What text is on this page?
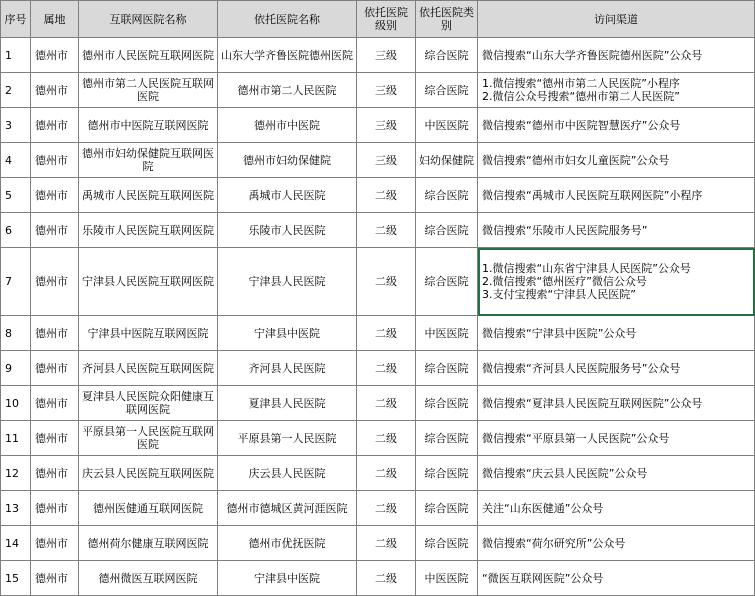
序号	属地	互联网医院名称	依托医院名称	依托医院级别	依托医院类别	访问渠道
1	德州市	德州市人民医院互联网医院	山东大学齐鲁医院德州医院	三级	综合医院	微信搜索“山东大学齐鲁医院德州医院”公众号
2	德州市	德州市第二人民医院互联网医院	德州市第二人民医院	三级	综合医院	1.微信搜索“德州市第二人民医院”小程序
2.微信公众号搜索“德州市第二人民医院”
3	德州市	德州市中医院互联网医院	德州市中医院	三级	中医医院	微信搜索“德州市中医院智慧医疗”公众号
4	德州市	德州市妇幼保健院互联网医院	德州市妇幼保健院	三级	妇幼保健院	微信搜索“德州市妇女儿童医院”公众号
5	德州市	禹城市人民医院互联网医院	禹城市人民医院	二级	综合医院	微信搜索“禹城市人民医院互联网医院”小程序
6	德州市	乐陵市人民医院互联网医院	乐陵市人民医院	二级	综合医院	微信搜索“乐陵市人民医院服务号”
7	德州市	宁津县人民医院互联网医院	宁津县人民医院	二级	综合医院	1.微信搜索“山东省宁津县人民医院”公众号
2.微信搜索“德州医疗”微信公众号
3.支付宝搜索“宁津县人民医院”
8	德州市	宁津县中医院互联网医院	宁津县中医院	二级	中医医院	微信搜索“宁津县中医院”公众号
9	德州市	齐河县人民医院互联网医院	齐河县人民医院	二级	综合医院	微信搜索“齐河县人民医院服务号”公众号
10	德州市	夏津县人民医院众阳健康互联网医院	夏津县人民医院	二级	综合医院	微信搜索“夏津县人民医院互联网医院”公众号
11	德州市	平原县第一人民医院互联网医院	平原县第一人民医院	二级	综合医院	微信搜索“平原县第一人民医院”公众号
12	德州市	庆云县人民医院互联网医院	庆云县人民医院	二级	综合医院	微信搜索“庆云县人民医院”公众号
13	德州市	德州医健通互联网医院	德州市德城区黄河涯医院	二级	综合医院	关注“山东医健通”公众号
14	德州市	德州荷尔健康互联网医院	德州市优抚医院	二级	综合医院	微信搜索“荷尔研究所”公众号
15	德州市	德州微医互联网医院	宁津县中医院	二级	中医医院	“微医互联网医院”公众号
